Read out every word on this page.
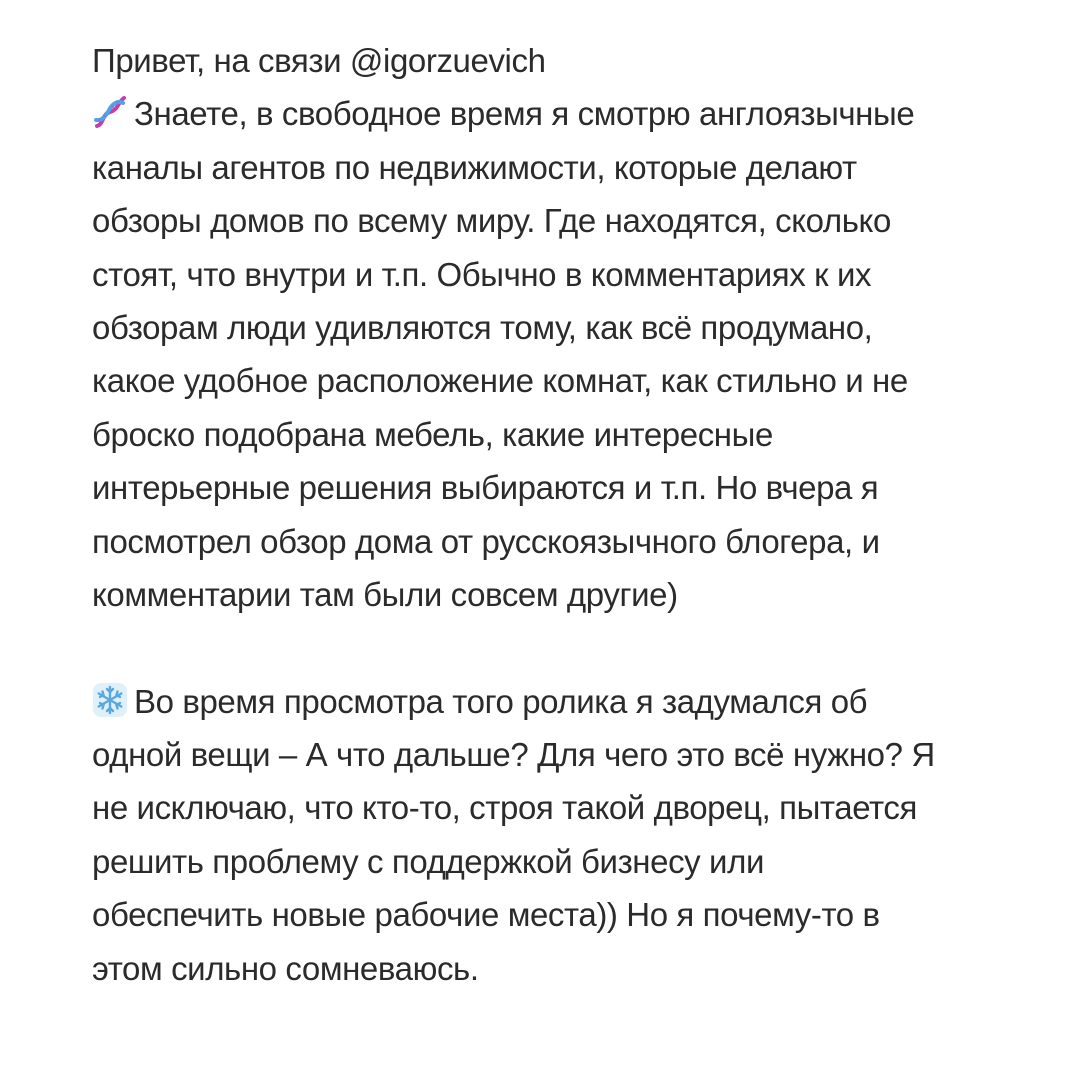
Привет, на связи @igorzuevich
Знаете, в свободное время я смотрю англоязычные
каналы агентов по недвижимости, которые делают
обзоры домов по всему миру. Где находятся, сколько
стоят, что внутри и т.п. Обычно в комментариях к их
обзорам люди удивляются тому, как всё продумано,
какое удобное расположение комнат, как стильно и не
броско подобрана мебель, какие интересные
интерьерные решения выбираются и т.п. Но вчера я
посмотрел обзор дома от русскоязычного блогера, и
комментарии там были совсем другие)
Во время просмотра того ролика я задумался об
одной вещи – А что дальше? Для чего это всё нужно? Я
не исключаю, что кто-то, строя такой дворец, пытается
решить проблему с поддержкой бизнесу или
обеспечить новые рабочие места)) Но я почему-то в
этом сильно сомневаюсь.
